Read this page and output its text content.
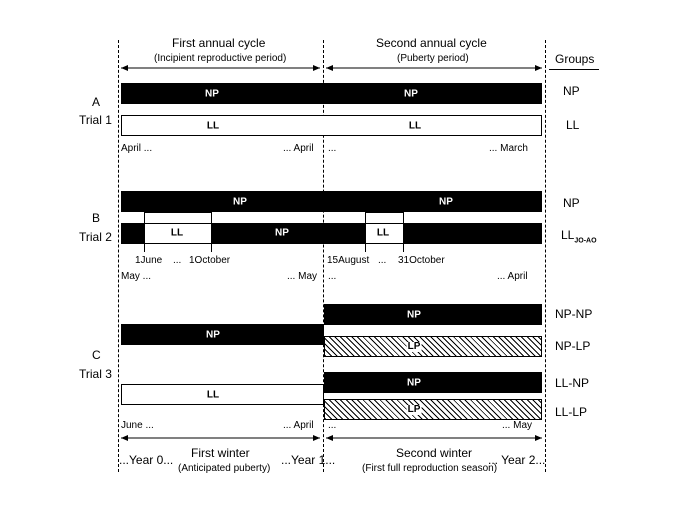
First annual cycle
(Incipient reproductive period)
Second annual cycle
(Puberty period)	Groups
A
Trial 1
NP	NP
LL	LL
NP
LL
April ...	... April ...	... March
B
Trial 2
NP	NP
LL	NP	LL
NP
$LL_{JO-AO}$
1June ... 1October	15August ... 31October
May ...	... May ...	... April
C
Trial 3
NP
NP
LP
NP
LL
LP
NP-NP
NP-LP
LL-NP
LL-LP
June ...	... April ...	... May
...Year 0... First winter
(Anticipated puberty)
...Year 1...	Second winter
(First full reproduction season)
... Year 2...
